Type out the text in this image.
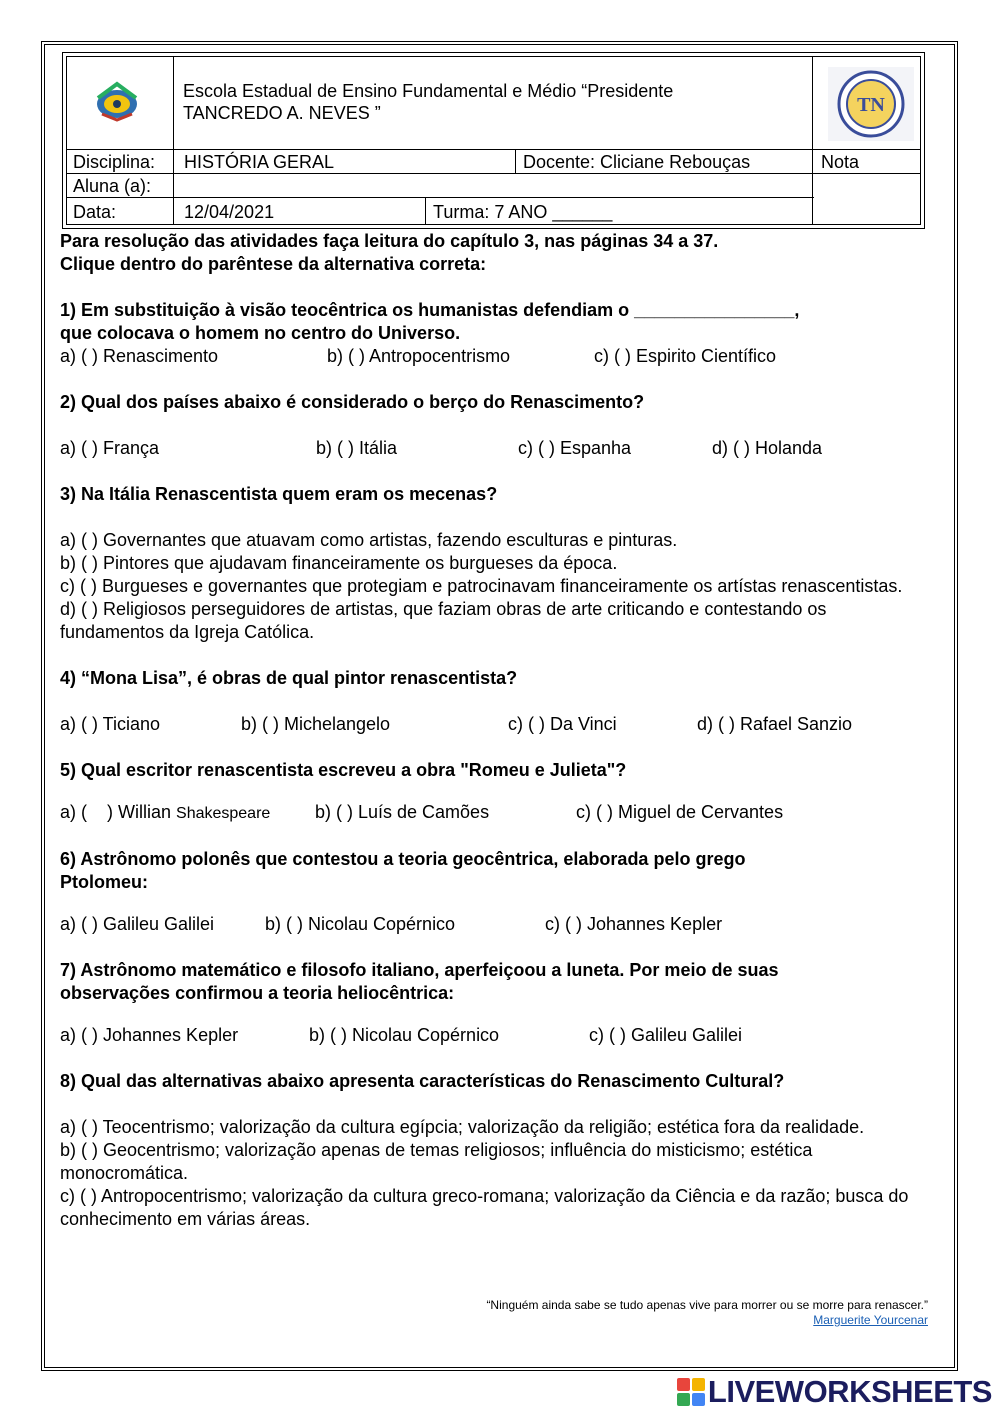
Escola Estadual de Ensino Fundamental e Médio “Presidente
TANCREDO A. NEVES ”	TN
Disciplina: HISTÓRIA GERAL	Docente: Cliciane Rebouças	Nota
Aluna (a):
Data:	12/04/2021	Turma: 7 ANO ______
Para resolução das atividades faça leitura do capítulo 3, nas páginas 34 a 37.
Clique dentro do parêntese da alternativa correta:
1) Em substituição à visão teocêntrica os humanistas defendiam o ________________,
que colocava o homem no centro do Universo.
a) ( ) Renascimento	b) ( ) Antropocentrismo	c) ( ) Espirito Científico
2) Qual dos países abaixo é considerado o berço do Renascimento?
a) ( ) França	b) ( ) Itália	c) ( ) Espanha	d) ( ) Holanda
3) Na Itália Renascentista quem eram os mecenas?
a) ( ) Governantes que atuavam como artistas, fazendo esculturas e pinturas.
b) ( ) Pintores que ajudavam financeiramente os burgueses da época.
c) ( ) Burgueses e governantes que protegiam e patrocinavam financeiramente os artístas renascentistas.
d) ( ) Religiosos perseguidores de artistas, que faziam obras de arte criticando e contestando os fundamentos da Igreja Católica.
4) “Mona Lisa”, é obras de qual pintor renascentista?
a) ( ) Ticiano	b) ( ) Michelangelo	c) ( ) Da Vinci	d) ( ) Rafael Sanzio
5) Qual escritor renascentista escreveu a obra "Romeu e Julieta"?
a) (    ) Willian Shakespeare	b) ( ) Luís de Camões	c) ( ) Miguel de Cervantes
6) Astrônomo polonês que contestou a teoria geocêntrica, elaborada pelo grego
Ptolomeu:
a) ( ) Galileu Galilei	b) ( ) Nicolau Copérnico	c) ( ) Johannes Kepler
7) Astrônomo matemático e filosofo italiano, aperfeiçoou a luneta. Por meio de suas
observações confirmou a teoria heliocêntrica:
a) ( ) Johannes Kepler	b) ( ) Nicolau Copérnico	c) ( ) Galileu Galilei
8) Qual das alternativas abaixo apresenta características do Renascimento Cultural?
a) ( ) Teocentrismo; valorização da cultura egípcia; valorização da religião; estética fora da realidade.
b) ( ) Geocentrismo; valorização apenas de temas religiosos; influência do misticismo; estética monocromática.
c) ( ) Antropocentrismo; valorização da cultura greco-romana; valorização da Ciência e da razão; busca do conhecimento em várias áreas.
“Ninguém ainda sabe se tudo apenas vive para morrer ou se morre para renascer.”
Marguerite Yourcenar
LIVEWORKSHEETS
